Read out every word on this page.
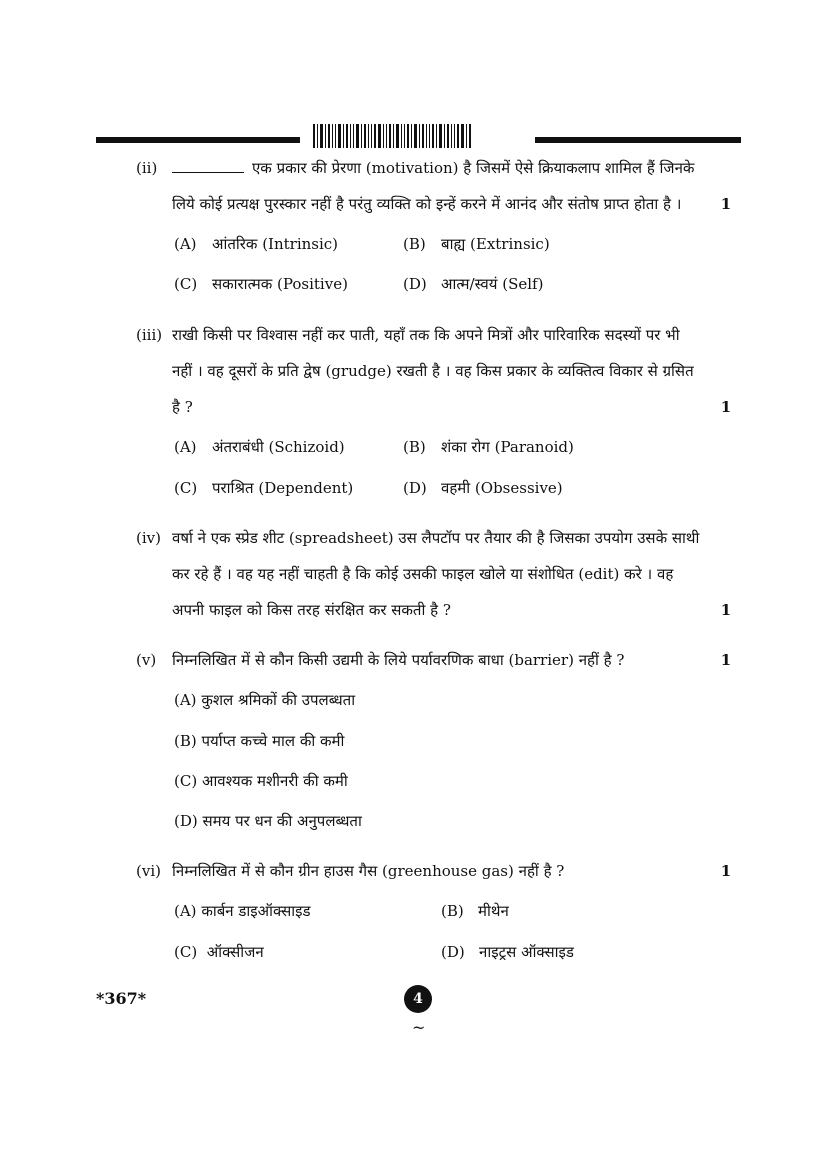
(ii)	एक प्रकार की प्रेरणा (motivation) है जिसमें ऐसे क्रियाकलाप शामिल हैं जिनके
लिये कोई प्रत्यक्ष पुरस्कार नहीं है परंतु व्यक्ति को इन्हें करने में आनंद और संतोष प्राप्त होता है ।	1
(A) आंतरिक (Intrinsic)	(B) बाह्य (Extrinsic)
(C) सकारात्मक (Positive)	(D) आत्म/स्वयं (Self)
(iii) राखी किसी पर विश्वास नहीं कर पाती, यहाँ तक कि अपने मित्रों और पारिवारिक सदस्यों पर भी
नहीं । वह दूसरों के प्रति द्वेष (grudge) रखती है । वह किस प्रकार के व्यक्तित्व विकार से ग्रसित
है ?	1
(A) अंतराबंधी (Schizoid)	(B) शंका रोग (Paranoid)
(C) पराश्रित (Dependent)	(D) वहमी (Obsessive)
(iv) वर्षा ने एक स्प्रेड शीट (spreadsheet) उस लैपटॉप पर तैयार की है जिसका उपयोग उसके साथी
कर रहे हैं । वह यह नहीं चाहती है कि कोई उसकी फाइल खोले या संशोधित (edit) करे । वह
अपनी फाइल को किस तरह संरक्षित कर सकती है ?	1
(v) निम्नलिखित में से कौन किसी उद्यमी के लिये पर्यावरणिक बाधा (barrier) नहीं है ?	1
(A) कुशल श्रमिकों की उपलब्धता
(B) पर्याप्त कच्चे माल की कमी
(C) आवश्यक मशीनरी की कमी
(D) समय पर धन की अनुपलब्धता
(vi) निम्नलिखित में से कौन ग्रीन हाउस गैस (greenhouse gas) नहीं है ?	1
(A) कार्बन डाइऑक्साइड	(B) मीथेन
(C) ऑक्सीजन	(D) नाइट्रस ऑक्साइड
*367*	4
~
